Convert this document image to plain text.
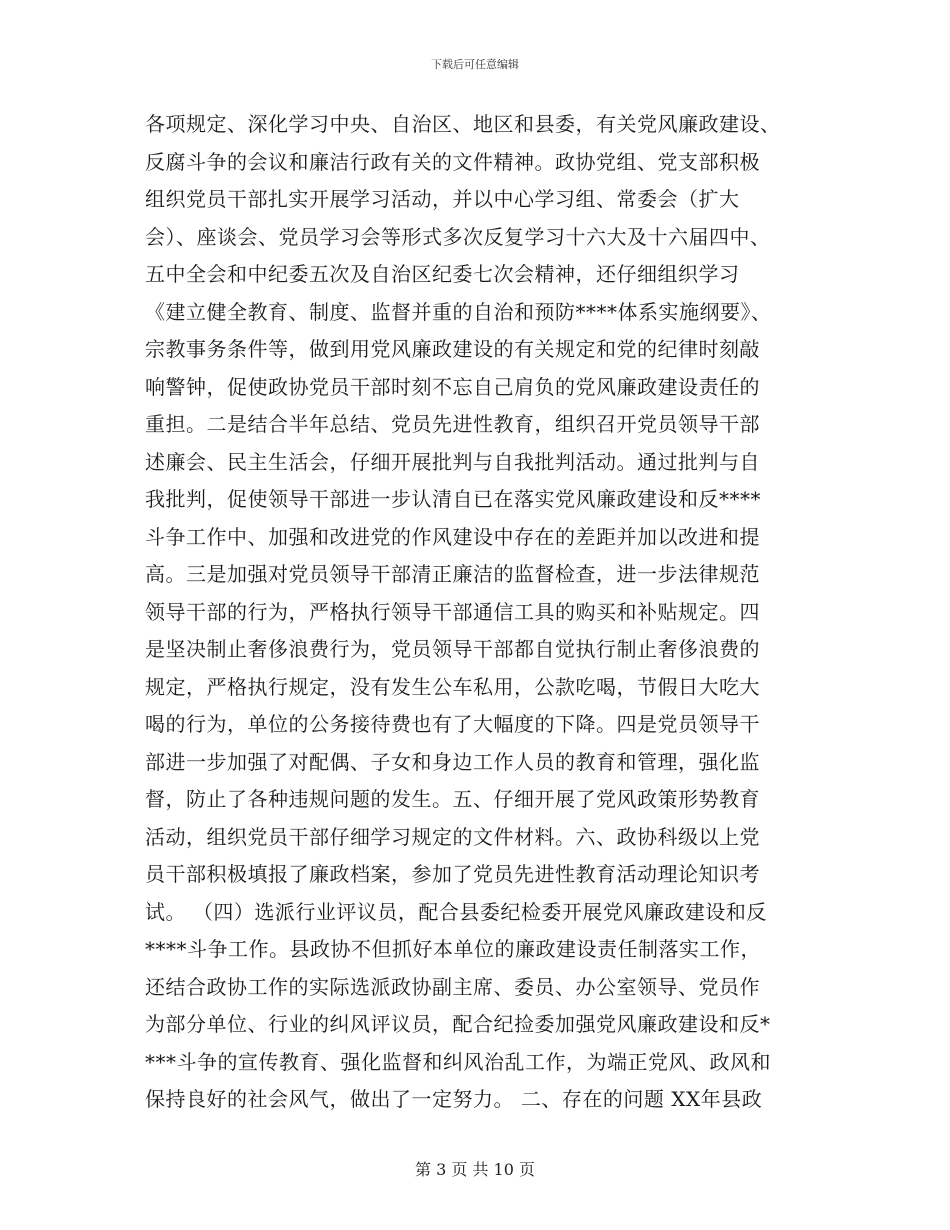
下载后可任意编辑
各项规定、深化学习中央、自治区、地区和县委，有关党风廉政建设、
反腐斗争的会议和廉洁行政有关的文件精神。政协党组、党支部积极
组织党员干部扎实开展学习活动，并以中心学习组、常委会（扩大
会）、座谈会、党员学习会等形式多次反复学习十六大及十六届四中、
五中全会和中纪委五次及自治区纪委七次会精神，还仔细组织学习
《建立健全教育、制度、监督并重的自治和预防****体系实施纲要》、
宗教事务条件等，做到用党风廉政建设的有关规定和党的纪律时刻敲
响警钟，促使政协党员干部时刻不忘自己肩负的党风廉政建设责任的
重担。二是结合半年总结、党员先进性教育，组织召开党员领导干部
述廉会、民主生活会，仔细开展批判与自我批判活动。通过批判与自
我批判，促使领导干部进一步认清自已在落实党风廉政建设和反****
斗争工作中、加强和改进党的作风建设中存在的差距并加以改进和提
高。三是加强对党员领导干部清正廉洁的监督检查，进一步法律规范
领导干部的行为，严格执行领导干部通信工具的购买和补贴规定。四
是坚决制止奢侈浪费行为，党员领导干部都自觉执行制止奢侈浪费的
规定，严格执行规定，没有发生公车私用，公款吃喝，节假日大吃大
喝的行为，单位的公务接待费也有了大幅度的下降。四是党员领导干
部进一步加强了对配偶、子女和身边工作人员的教育和管理，强化监
督，防止了各种违规问题的发生。五、仔细开展了党风政策形势教育
活动，组织党员干部仔细学习规定的文件材料。六、政协科级以上党
员干部积极填报了廉政档案，参加了党员先进性教育活动理论知识考
试。 （四）选派行业评议员，配合县委纪检委开展党风廉政建设和反
****斗争工作。县政协不但抓好本单位的廉政建设责任制落实工作，
还结合政协工作的实际选派政协副主席、委员、办公室领导、党员作
为部分单位、行业的纠风评议员，配合纪捡委加强党风廉政建设和反*
***斗争的宣传教育、强化监督和纠风治乱工作，为端正党风、政风和
保持良好的社会风气，做出了一定努力。 二、存在的问题 XX年县政
第 3 页 共 10 页
